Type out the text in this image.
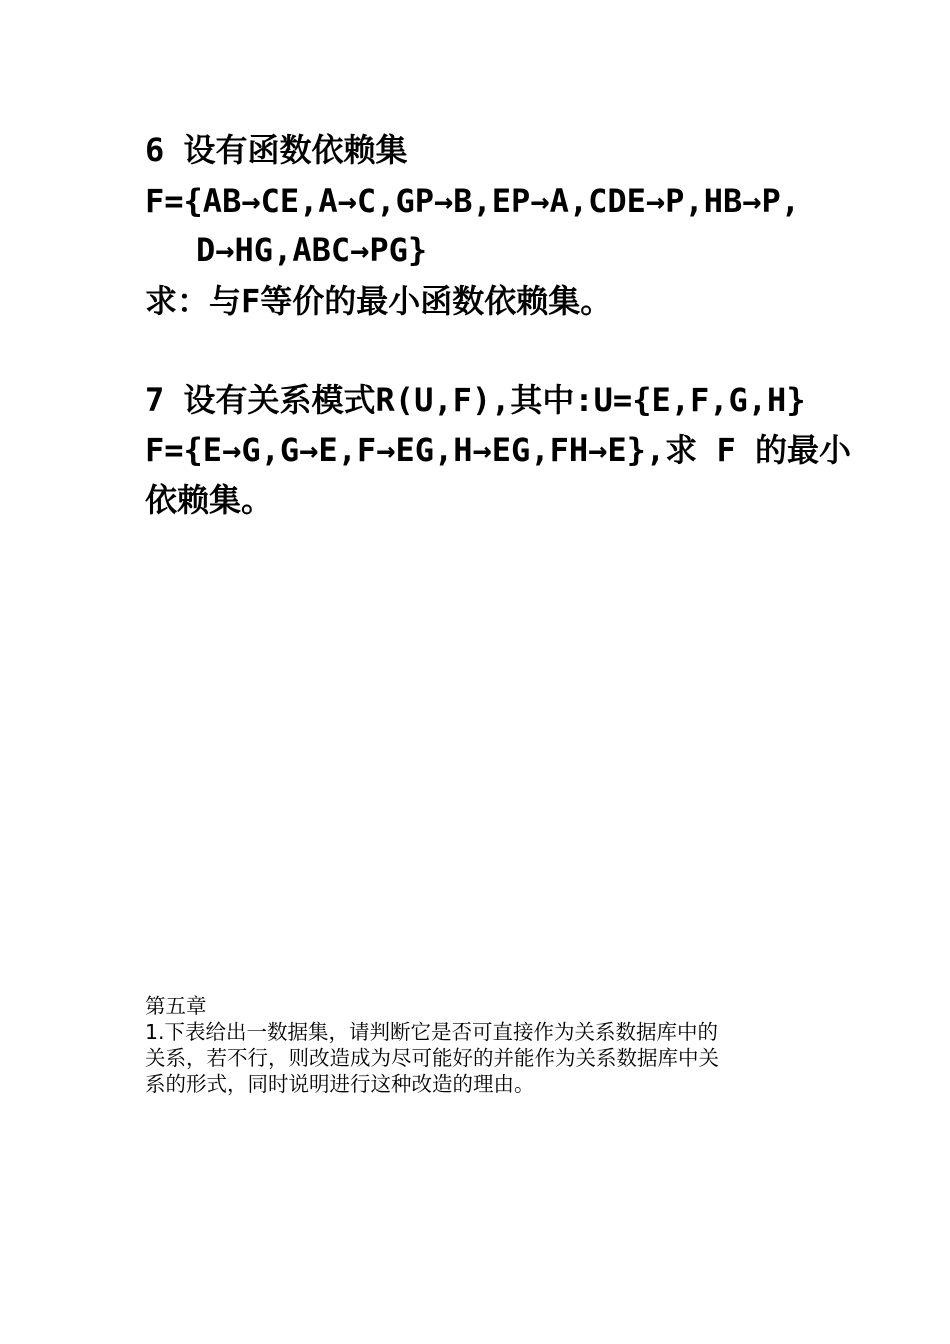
6 设有函数依赖集
F={AB→CE,A→C,GP→B,EP→A,CDE→P,HB→P,
D→HG,ABC→PG}
求：与F等价的最小函数依赖集。
7 设有关系模式R(U,F),其中:U={E,F,G,H}
F={E→G,G→E,F→EG,H→EG,FH→E},求 F 的最小
依赖集。
第五章
1.下表给出一数据集，请判断它是否可直接作为关系数据库中的
关系，若不行，则改造成为尽可能好的并能作为关系数据库中关
系的形式，同时说明进行这种改造的理由。
